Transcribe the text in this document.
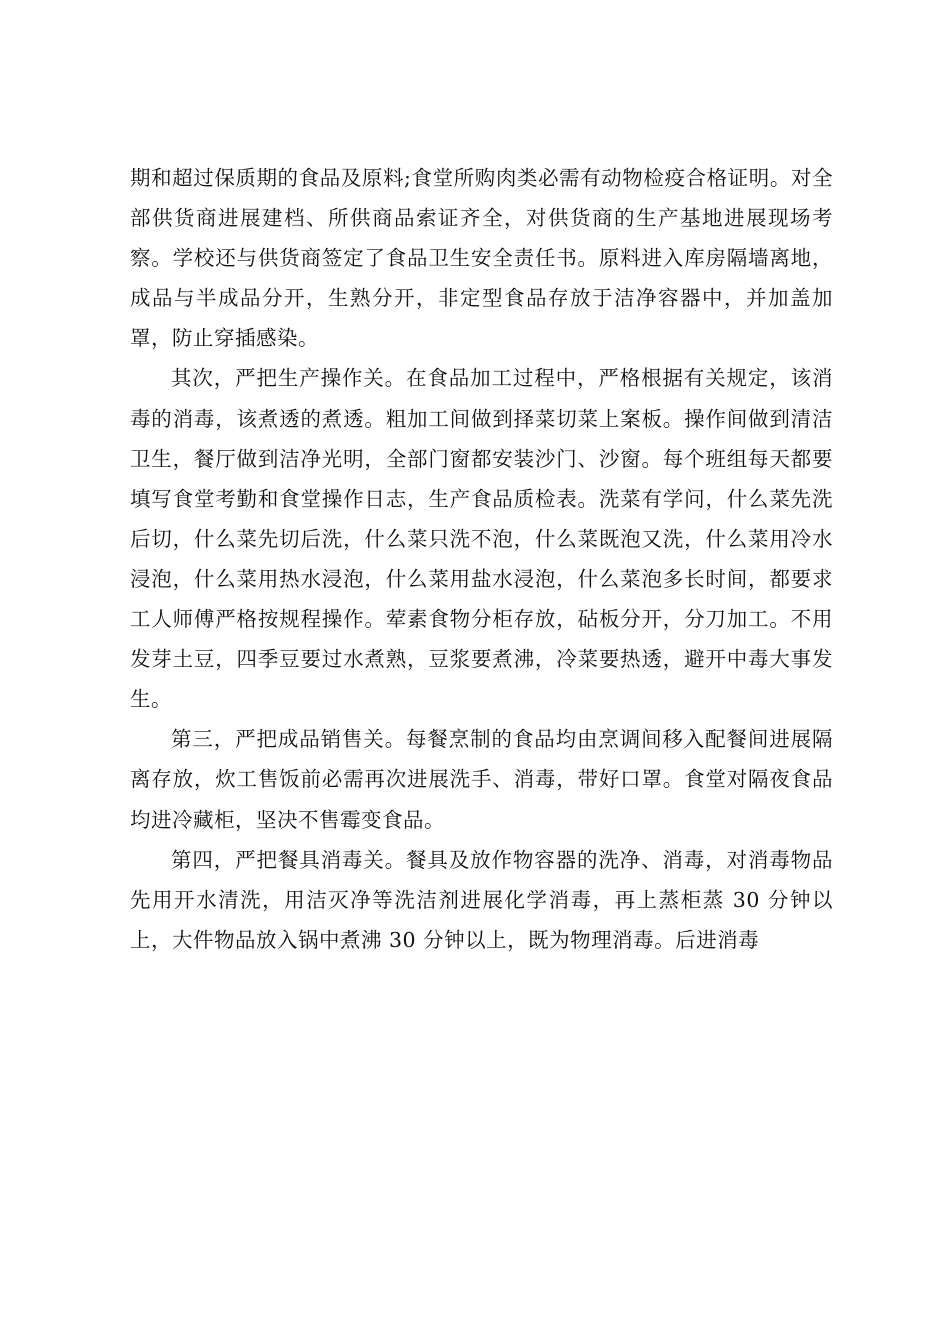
期和超过保质期的食品及原料;食堂所购肉类必需有动物检疫合格证明。对全部供货商进展建档、所供商品索证齐全，对供货商的生产基地进展现场考察。学校还与供货商签定了食品卫生安全责任书。原料进入库房隔墙离地，成品与半成品分开，生熟分开，非定型食品存放于洁净容器中，并加盖加罩，防止穿插感染。

其次，严把生产操作关。在食品加工过程中，严格根据有关规定，该消毒的消毒，该煮透的煮透。粗加工间做到择菜切菜上案板。操作间做到清洁卫生，餐厅做到洁净光明，全部门窗都安装沙门、沙窗。每个班组每天都要填写食堂考勤和食堂操作日志，生产食品质检表。洗菜有学问，什么菜先洗后切，什么菜先切后洗，什么菜只洗不泡，什么菜既泡又洗，什么菜用冷水浸泡，什么菜用热水浸泡，什么菜用盐水浸泡，什么菜泡多长时间，都要求工人师傅严格按规程操作。荤素食物分柜存放，砧板分开，分刀加工。不用发芽土豆，四季豆要过水煮熟，豆浆要煮沸，冷菜要热透，避开中毒大事发生。

第三，严把成品销售关。每餐烹制的食品均由烹调间移入配餐间进展隔离存放，炊工售饭前必需再次进展洗手、消毒，带好口罩。食堂对隔夜食品均进冷藏柜，坚决不售霉变食品。

第四，严把餐具消毒关。餐具及放作物容器的洗净、消毒，对消毒物品先用开水清洗，用洁灭净等洗洁剂进展化学消毒，再上蒸柜蒸 30 分钟以上，大件物品放入锅中煮沸 30 分钟以上，既为物理消毒。后进消毒
